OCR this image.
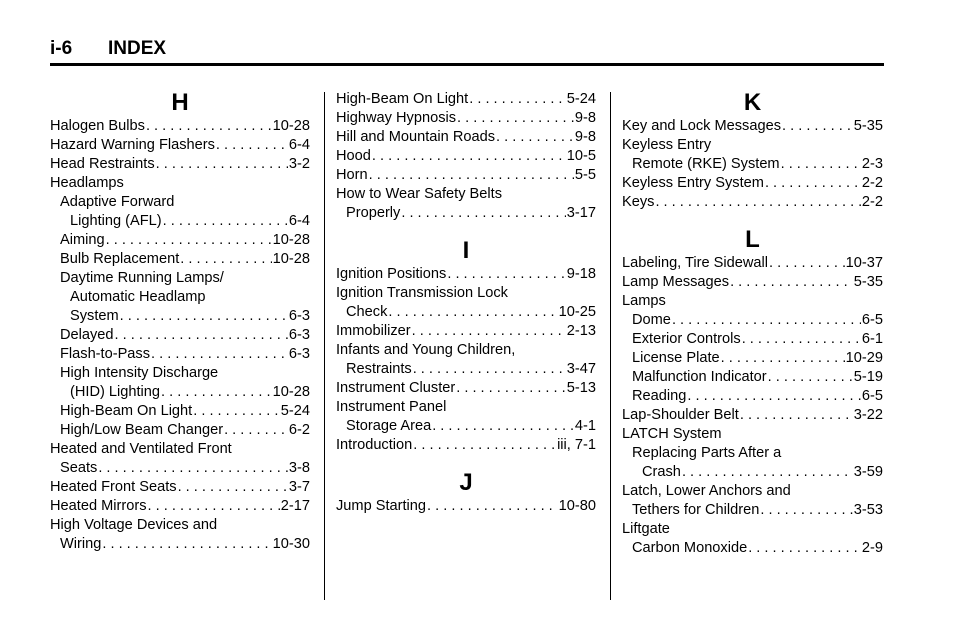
i-6 INDEX
H
Halogen Bulbs . . .	10-28
Hazard Warning Flashers . . .	6-4
Head Restraints . . .	3-2
Headlamps
Adaptive Forward
Lighting (AFL) . . .	6-4
Aiming . . .	10-28
Bulb Replacement . . .	10-28
Daytime Running Lamps/
Automatic Headlamp
System . . .	6-3
Delayed . . .	6-3
Flash-to-Pass . . .	6-3
High Intensity Discharge
(HID) Lighting . . .	10-28
High-Beam On Light . . .	5-24
High/Low Beam Changer . . .	6-2
Heated and Ventilated Front
Seats . . .	3-8
Heated Front Seats . . .	3-7
Heated Mirrors . . .	2-17
High Voltage Devices and
Wiring . . .	10-30
High-Beam On Light . . .	5-24
Highway Hypnosis . . .	9-8
Hill and Mountain Roads . . .	9-8
Hood . . .	10-5
Horn . . .	5-5
How to Wear Safety Belts
Properly . . .	3-17
I
Ignition Positions . . .	9-18
Ignition Transmission Lock
Check . . .	10-25
Immobilizer . . .	2-13
Infants and Young Children,
Restraints . . .	3-47
Instrument Cluster . . .	5-13
Instrument Panel
Storage Area . . .	4-1
Introduction . . .	iii, 7-1
J
Jump Starting . . .	10-80
K
Key and Lock Messages . . .	5-35
Keyless Entry
Remote (RKE) System . . .	2-3
Keyless Entry System . . .	2-2
Keys . . .	2-2
L
Labeling, Tire Sidewall . . .	10-37
Lamp Messages . . .	5-35
Lamps
Dome . . .	6-5
Exterior Controls . . .	6-1
License Plate . . .	10-29
Malfunction Indicator . . .	5-19
Reading . . .	6-5
Lap-Shoulder Belt . . .	3-22
LATCH System
Replacing Parts After a
Crash . . .	3-59
Latch, Lower Anchors and
Tethers for Children . . .	3-53
Liftgate
Carbon Monoxide . . .	2-9
